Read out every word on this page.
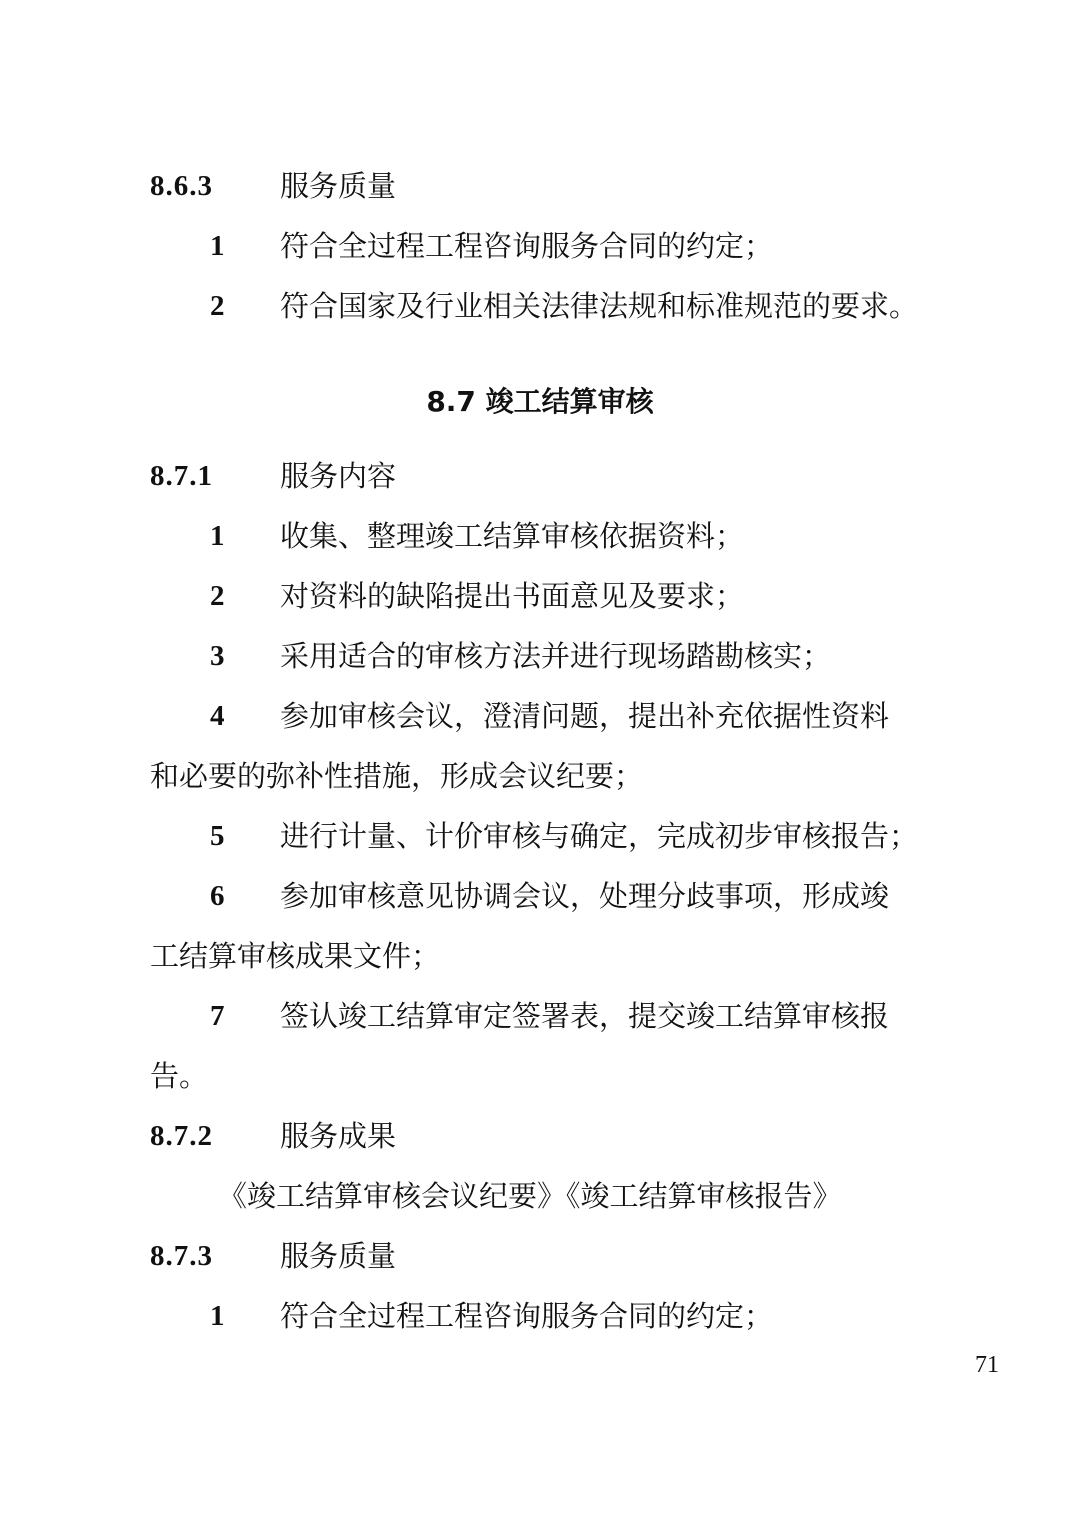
8.6.3 服务质量
1 符合全过程工程咨询服务合同的约定；
2 符合国家及行业相关法律法规和标准规范的要求。
8.7 竣工结算审核
8.7.1 服务内容
1 收集、整理竣工结算审核依据资料；
2 对资料的缺陷提出书面意见及要求；
3 采用适合的审核方法并进行现场踏勘核实；
4 参加审核会议，澄清问题，提出补充依据性资料
和必要的弥补性措施，形成会议纪要；
5 进行计量、计价审核与确定，完成初步审核报告；
6 参加审核意见协调会议，处理分歧事项，形成竣
工结算审核成果文件；
7 签认竣工结算审定签署表，提交竣工结算审核报
告。
8.7.2 服务成果
《竣工结算审核会议纪要》《竣工结算审核报告》
8.7.3 服务质量
1 符合全过程工程咨询服务合同的约定；
71
